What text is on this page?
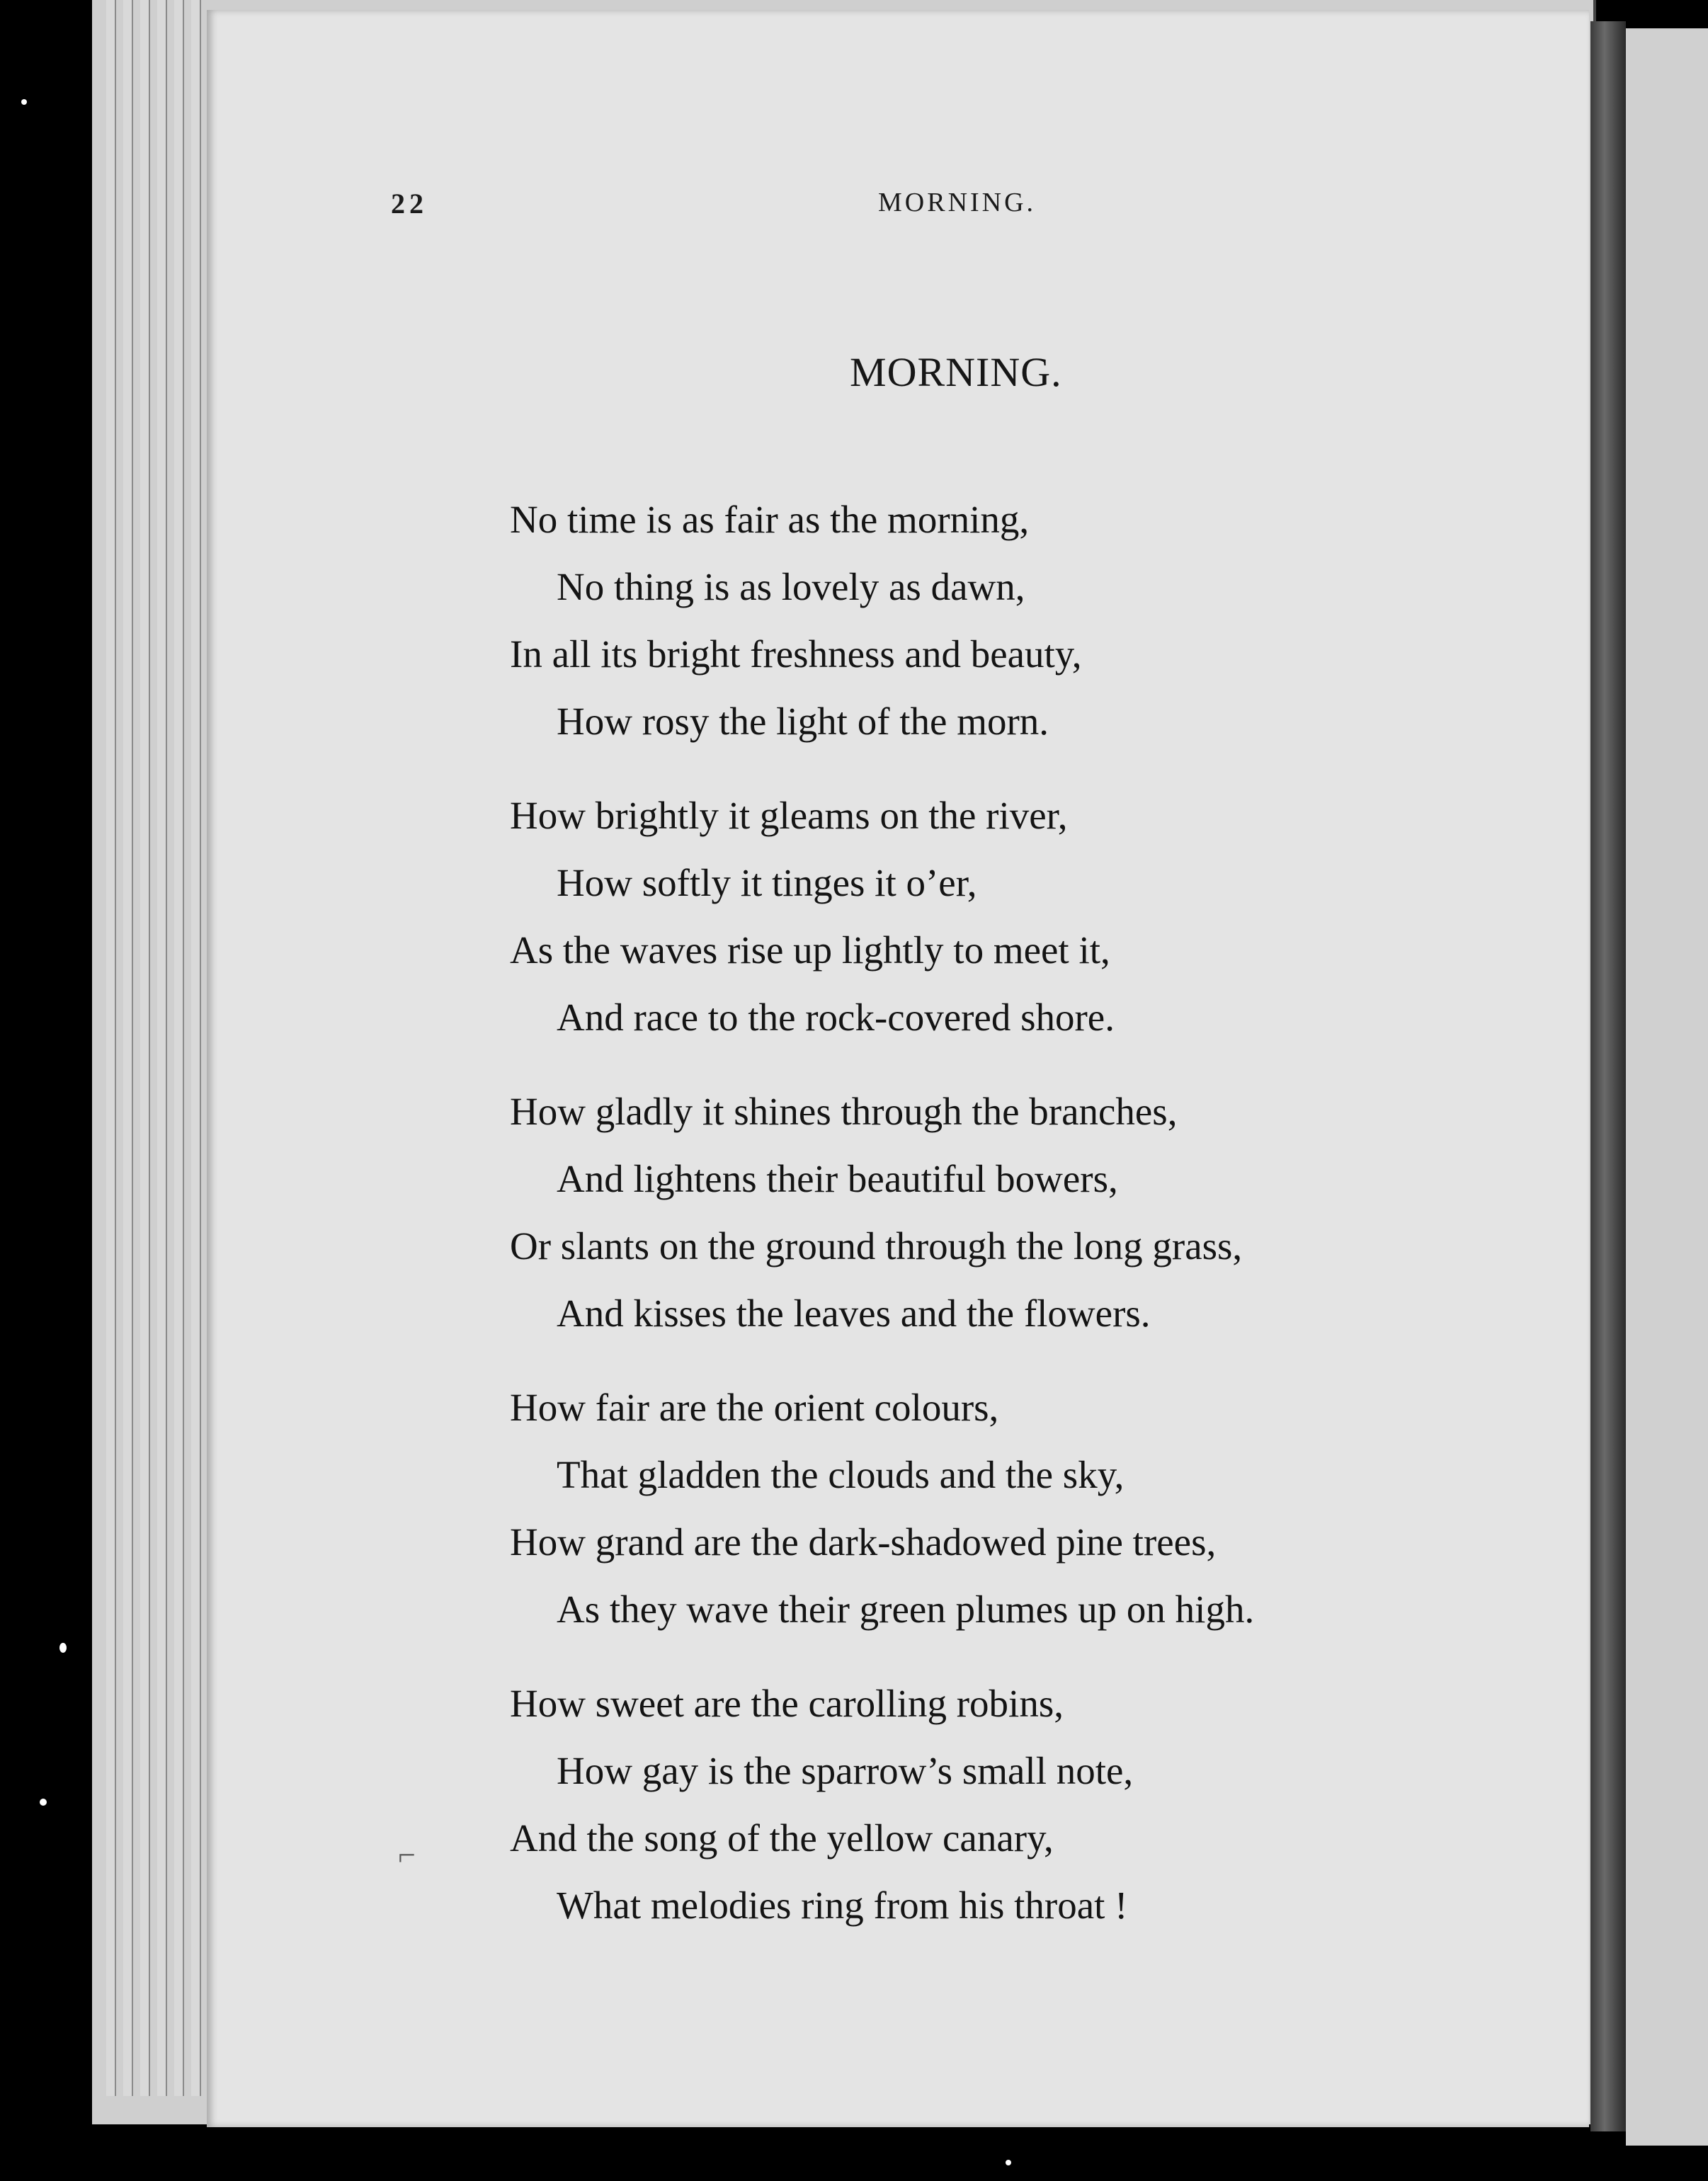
22	MORNING.
MORNING.
No time is as fair as the morning,
No thing is as lovely as dawn,
In all its bright freshness and beauty,
How rosy the light of the morn.
How brightly it gleams on the river,
How softly it tinges it o’er,
As the waves rise up lightly to meet it,
And race to the rock-covered shore.
How gladly it shines through the branches,
And lightens their beautiful bowers,
Or slants on the ground through the long grass,
And kisses the leaves and the flowers.
How fair are the orient colours,
That gladden the clouds and the sky,
How grand are the dark-shadowed pine trees,
As they wave their green plumes up on high.
How sweet are the carolling robins,
How gay is the sparrow’s small note,
And the song of the yellow canary,
What melodies ring from his throat !
⌐
